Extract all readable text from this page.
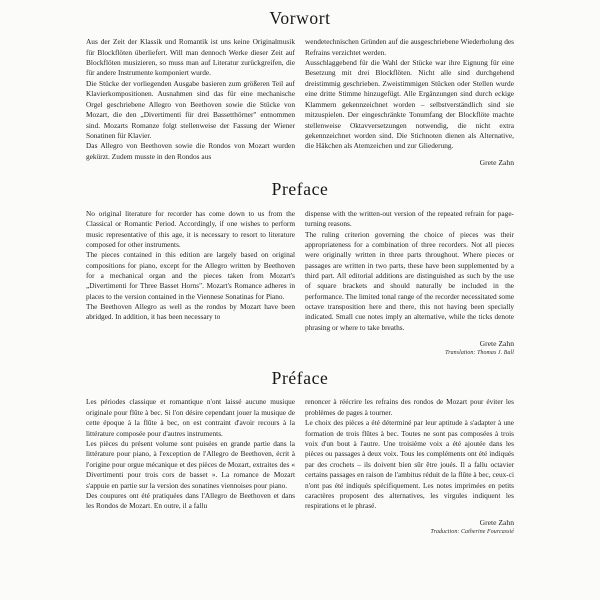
Vorwort

Aus der Zeit der Klassik und Romantik ist uns keine Originalmusik für Blockflöten überliefert. Will man dennoch Werke dieser Zeit auf Blockflöten musizieren, so muss man auf Literatur zurückgreifen, die für andere Instrumente komponiert wurde.

Die Stücke der vorliegenden Ausgabe basieren zum größeren Teil auf Klavierkompositionen. Ausnahmen sind das für eine mechanische Orgel geschriebene Allegro von Beethoven sowie die Stücke von Mozart, die den „Divertimenti für drei Bassetthörner" entnommen sind. Mozarts Romanze folgt stellenweise der Fassung der Wiener Sonatinen für Klavier.

Das Allegro von Beethoven sowie die Rondos von Mozart wurden gekürzt. Zudem musste in den Rondos aus

wendetechnischen Gründen auf die ausgeschriebene Wiederholung des Refrains verzichtet werden.

Ausschlaggebend für die Wahl der Stücke war ihre Eignung für eine Besetzung mit drei Blockflöten. Nicht alle sind durchgehend dreistimmig geschrieben. Zweistimmigen Stücken oder Stellen wurde eine dritte Stimme hinzugefügt. Alle Ergänzungen sind durch eckige Klammern gekennzeichnet worden – selbstverständlich sind sie mitzuspielen. Der eingeschränkte Tonumfang der Blockflöte machte stellenweise Oktavversetzungen notwendig, die nicht extra gekennzeichnet worden sind. Die Stichnoten dienen als Alternative, die Häkchen als Atemzeichen und zur Gliederung.

Grete Zahn
Preface

No original literature for recorder has come down to us from the Classical or Romantic Period. Accordingly, if one wishes to perform music representative of this age, it is necessary to resort to literature composed for other instruments.

The pieces contained in this edition are largely based on original compositions for piano, except for the Allegro written by Beethoven for a mechanical organ and the pieces taken from Mozart's „Divertimenti for Three Basset Horns". Mozart's Romance adheres in places to the version contained in the Viennese Sonatinas for Piano.

The Beethoven Allegro as well as the rondos by Mozart have been abridged. In addition, it has been necessary to

dispense with the written-out version of the repeated refrain for page-turning reasons.

The ruling criterion governing the choice of pieces was their appropriateness for a combination of three recorders. Not all pieces were originally written in three parts throughout. Where pieces or passages are written in two parts, these have been supplemented by a third part. All editorial additions are distinguished as such by the use of square brackets and should naturally be included in the performance. The limited tonal range of the recorder necessitated some octave transposition here and there, this not having been specially indicated. Small cue notes imply an alternative, while the ticks denote phrasing or where to take breaths.

Grete Zahn
Translation: Thomas J. Ball
Préface

Les périodes classique et romantique n'ont laissé aucune musique originale pour flûte à bec. Si l'on désire cependant jouer la musique de cette époque à la flûte à bec, on est contraint d'avoir recours à la littérature composée pour d'autres instruments.

Les pièces du présent volume sont puisées en grande partie dans la littérature pour piano, à l'exception de l'Allegro de Beethoven, écrit à l'origine pour orgue mécanique et des pièces de Mozart, extraites des « Divertimenti pour trois cors de basset ». La romance de Mozart s'appuie en partie sur la version des sonatines viennoises pour piano.

Des coupures ont été pratiquées dans l'Allegro de Beethoven et dans les Rondos de Mozart. En outre, il a fallu

renoncer à réécrire les refrains des rondos de Mozart pour éviter les problèmes de pages à tourner.

Le choix des pièces a été déterminé par leur aptitude à s'adapter à une formation de trois flûtes à bec. Toutes ne sont pas composées à trois voix d'un bout à l'autre. Une troisième voix a été ajoutée dans les pièces ou passages à deux voix. Tous les compléments ont été indiqués par des crochets – ils doivent bien sûr être joués. Il a fallu octavier certains passages en raison de l'ambitus réduit de la flûte à bec, ceux-ci n'ont pas été indiqués spécifiquement. Les notes imprimées en petits caractères proposent des alternatives, les virgules indiquent les respirations et le phrasé.

Grete Zahn
Traduction: Catherine Fourcassié
